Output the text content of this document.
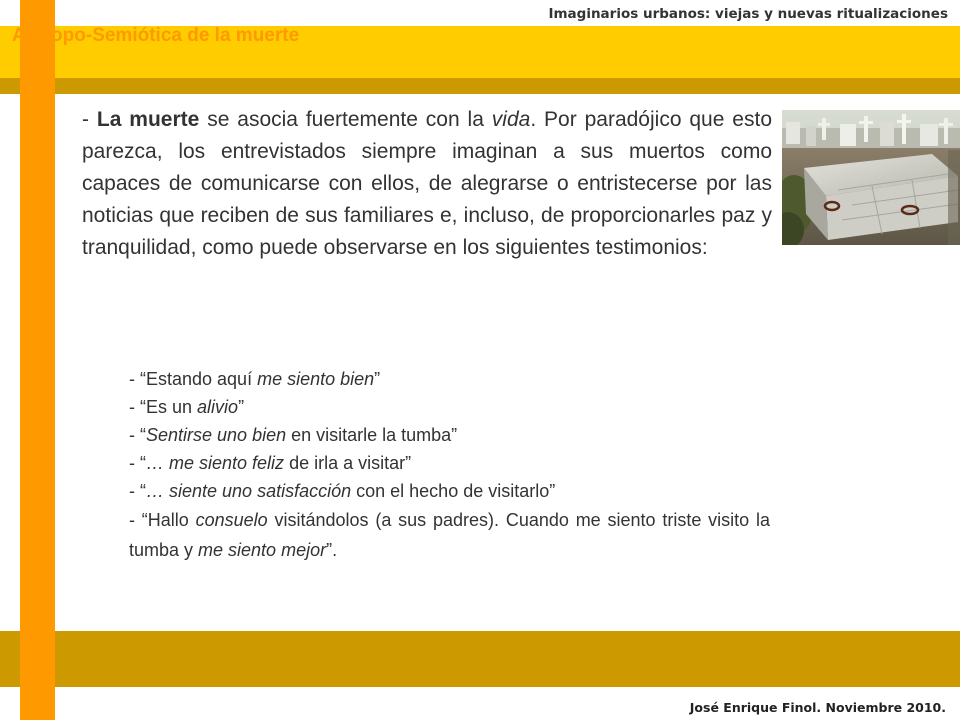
Imaginarios urbanos: viejas y nuevas ritualizaciones
Antropo-Semiótica de la muerte

- La muerte se asocia fuertemente con la vida. Por paradójico que esto parezca, los entrevistados siempre imaginan a sus muertos como capaces de comunicarse con ellos, de alegrarse o entristecerse por las noticias que reciben de sus familiares e, incluso, de proporcionarles paz y tranquilidad, como puede observarse en los siguientes testimonios:

- “Estando aquí me siento bien”
- “Es un alivio”
- “Sentirse uno bien en visitarle la tumba”
- “… me siento feliz de irla a visitar”
- “… siente uno satisfacción con el hecho de visitarlo”
- “Hallo consuelo visitándolos (a sus padres). Cuando me siento triste visito la tumba y me siento mejor”.
José Enrique Finol. Noviembre 2010.
